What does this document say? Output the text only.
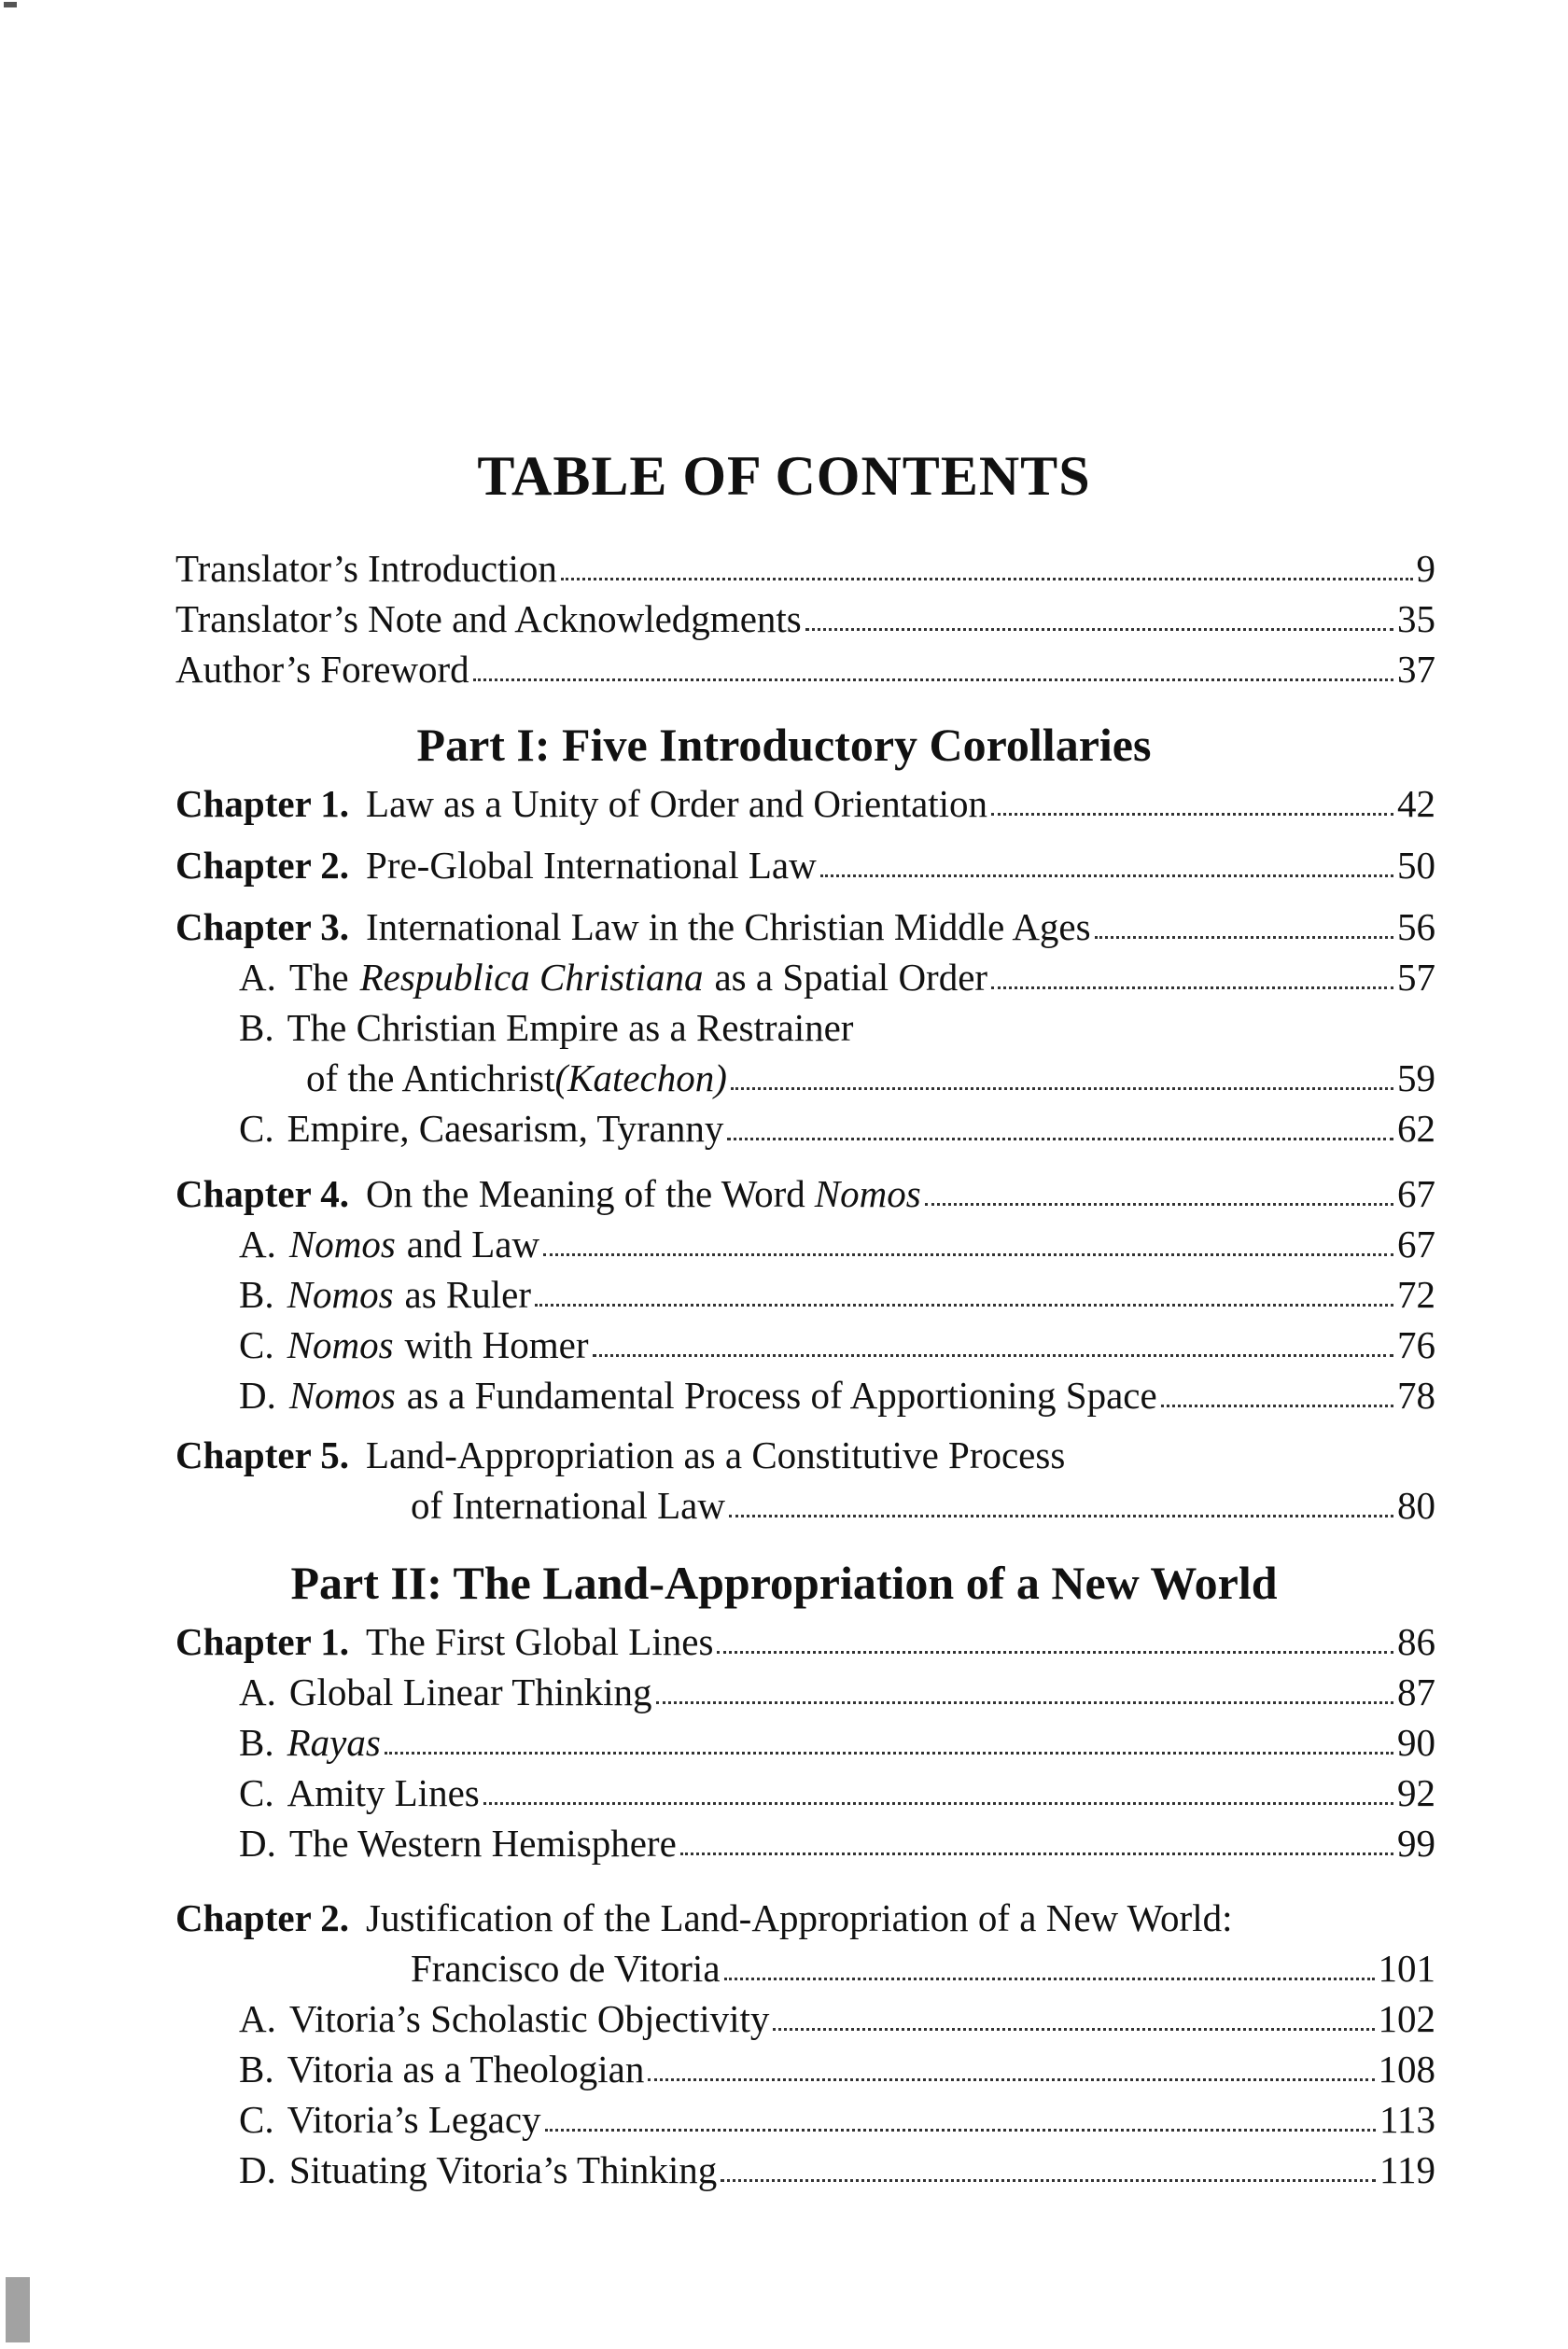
TABLE OF CONTENTS
Translator’s Introduction	9
Translator’s Note and Acknowledgments	35
Author’s Foreword	37
Part I: Five Introductory Corollaries
Chapter 1. Law as a Unity of Order and Orientation	42
Chapter 2. Pre-Global International Law	50
Chapter 3. International Law in the Christian Middle Ages	56
A. The Respublica Christiana as a Spatial Order	57
B. The Christian Empire as a Restrainer
of the Antichrist (Katechon)	59
C. Empire, Caesarism, Tyranny	62
Chapter 4. On the Meaning of the Word Nomos	67
A. Nomos and Law	67
B. Nomos as Ruler	72
C. Nomos with Homer	76
D. Nomos as a Fundamental Process of Apportioning Space	78
Chapter 5. Land-Appropriation as a Constitutive Process
of International Law	80
Part II: The Land-Appropriation of a New World
Chapter 1. The First Global Lines	86
A. Global Linear Thinking	87
B. Rayas	90
C. Amity Lines	92
D. The Western Hemisphere	99
Chapter 2. Justification of the Land-Appropriation of a New World:
Francisco de Vitoria	101
A. Vitoria’s Scholastic Objectivity	102
B. Vitoria as a Theologian	108
C. Vitoria’s Legacy	113
D. Situating Vitoria’s Thinking	119
